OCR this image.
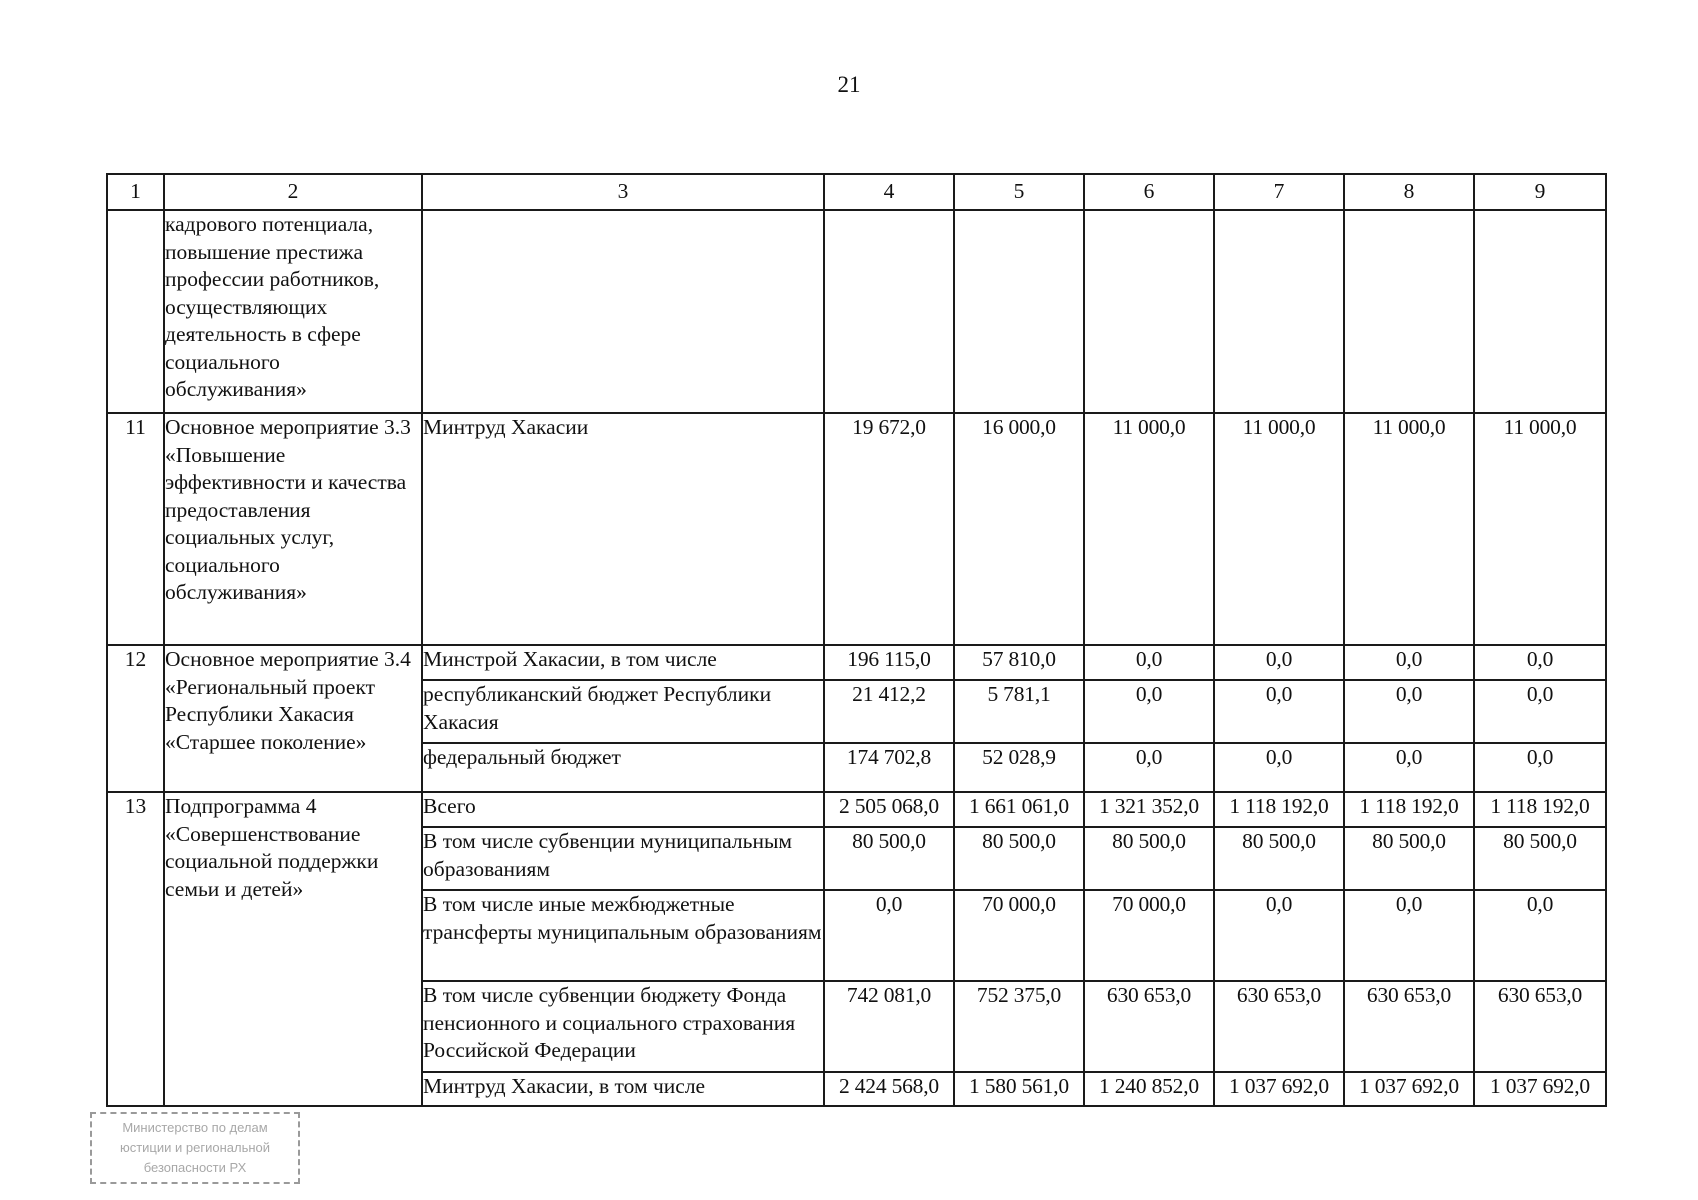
21
1	2	3	4	5	6	7	8	9
	кадрового потенциала, повышение престижа профессии работников, осуществляющих деятельность в сфере социального обслуживания»							
11	Основное мероприятие 3.3 «Повышение эффективности и качества предоставления социальных услуг, социального обслуживания»	Минтруд Хакасии	19 672,0	16 000,0	11 000,0	11 000,0	11 000,0	11 000,0
12	Основное мероприятие 3.4 «Региональный проект Республики Хакасия «Старшее поколение»	Минстрой Хакасии, в том числе	196 115,0	57 810,0	0,0	0,0	0,0	0,0
		республиканский бюджет Республики Хакасия	21 412,2	5 781,1	0,0	0,0	0,0	0,0
		федеральный бюджет	174 702,8	52 028,9	0,0	0,0	0,0	0,0
13	Подпрограмма 4 «Совершенствование социальной поддержки семьи и детей»	Всего	2 505 068,0	1 661 061,0	1 321 352,0	1 118 192,0	1 118 192,0	1 118 192,0
		В том числе субвенции муниципальным образованиям	80 500,0	80 500,0	80 500,0	80 500,0	80 500,0	80 500,0
		В том числе иные межбюджетные трансферты муниципальным образованиям	0,0	70 000,0	70 000,0	0,0	0,0	0,0
		В том числе субвенции бюджету Фонда пенсионного и социального страхования Российской Федерации	742 081,0	752 375,0	630 653,0	630 653,0	630 653,0	630 653,0
		Минтруд Хакасии, в том числе	2 424 568,0	1 580 561,0	1 240 852,0	1 037 692,0	1 037 692,0	1 037 692,0
Министерство по делам
юстиции и региональной
безопасности РХ
